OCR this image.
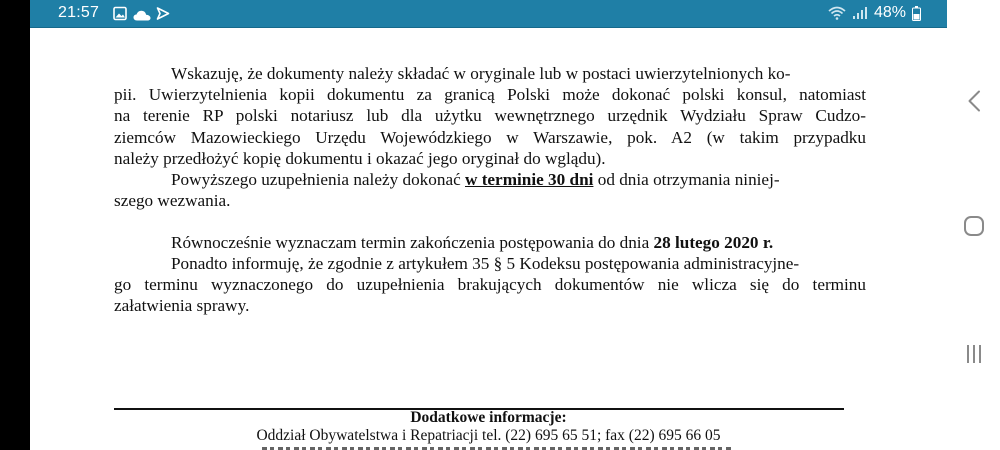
21:57	48%
Wskazuję, że dokumenty należy składać w oryginale lub w postaci uwierzytelnionych ko-
pii. Uwierzytelnienia kopii dokumentu za granicą Polski może dokonać polski konsul, natomiast
na terenie RP polski notariusz lub dla użytku wewnętrznego urzędnik Wydziału Spraw Cudzo-
ziemców Mazowieckiego Urzędu Wojewódzkiego w Warszawie, pok. A2 (w takim przypadku
należy przedłożyć kopię dokumentu i okazać jego oryginał do wglądu).
Powyższego uzupełnienia należy dokonać w terminie 30 dni od dnia otrzymania niniej-
szego wezwania.
Równocześnie wyznaczam termin zakończenia postępowania do dnia 28 lutego 2020 r.
Ponadto informuję, że zgodnie z artykułem 35 § 5 Kodeksu postępowania administracyjne-
go terminu wyznaczonego do uzupełnienia brakujących dokumentów nie wlicza się do terminu
załatwienia sprawy.
Dodatkowe informacje:
Oddział Obywatelstwa i Repatriacji tel. (22) 695 65 51; fax (22) 695 66 05
